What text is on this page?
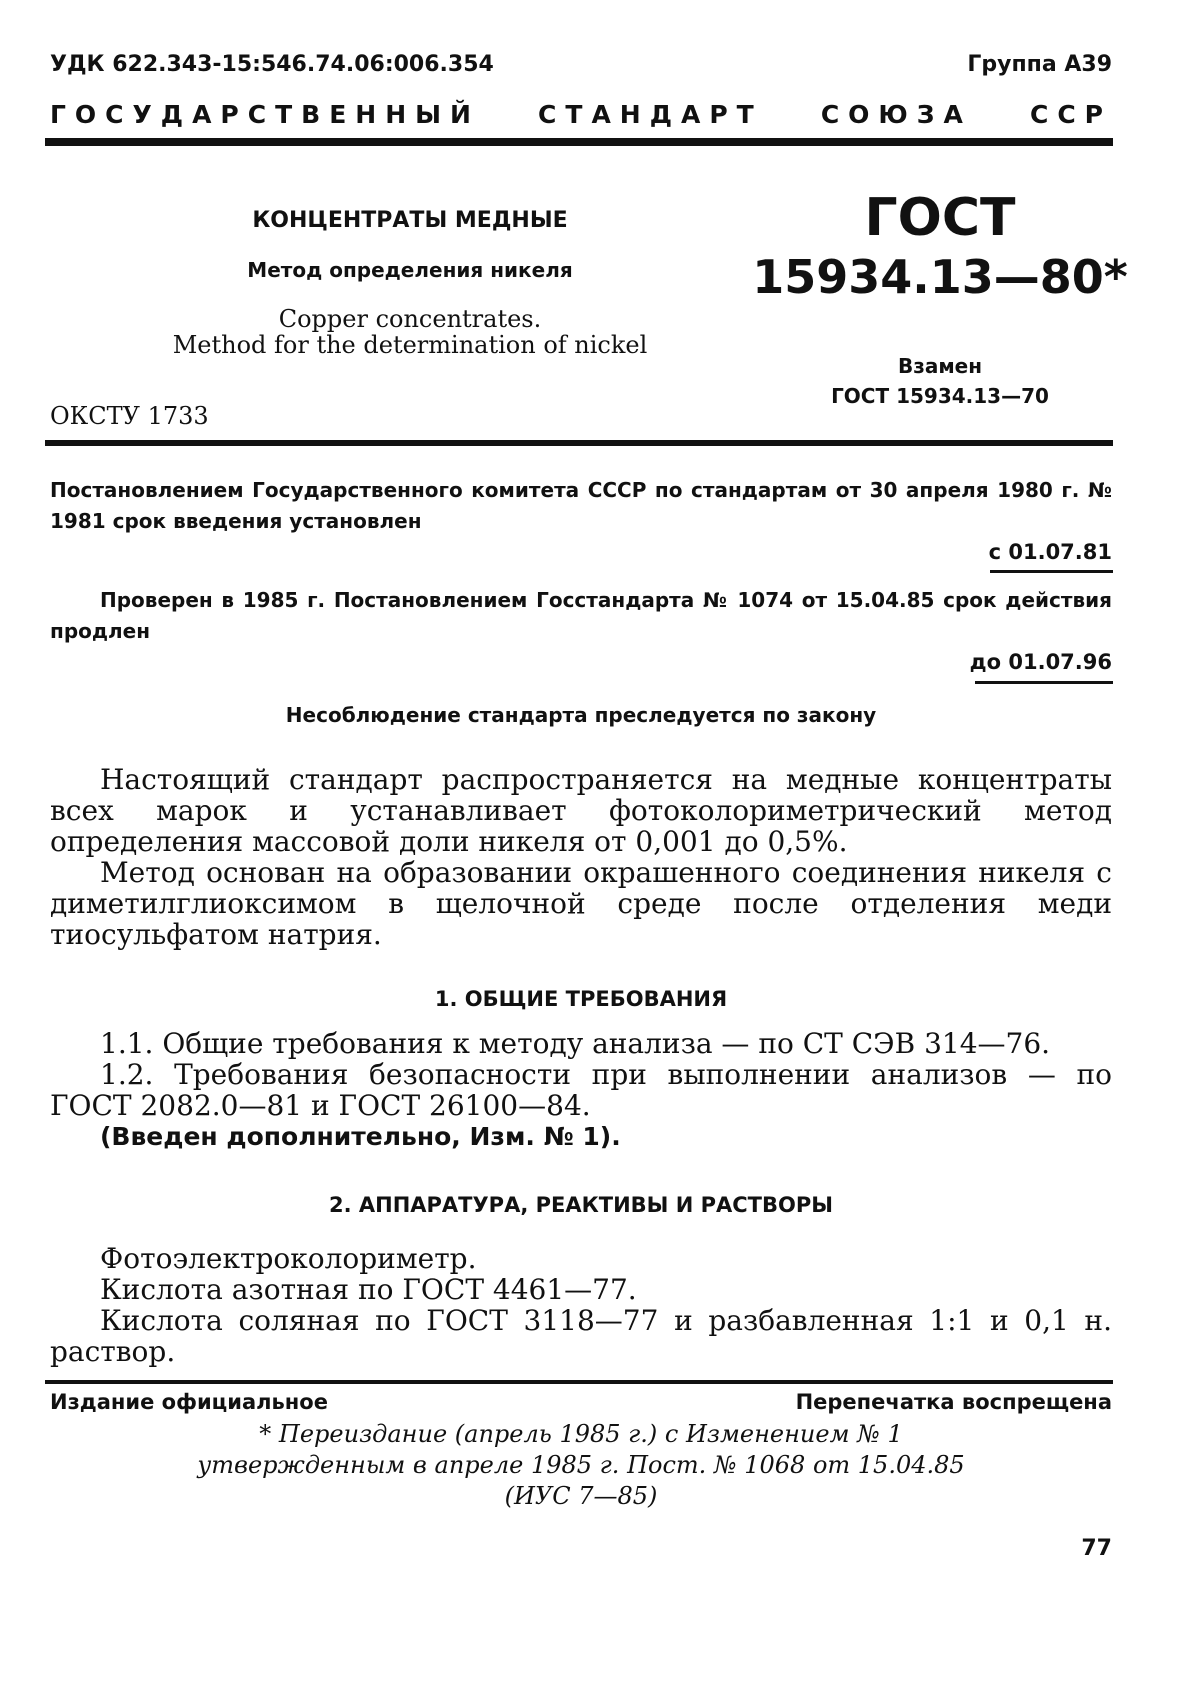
УДК 622.343-15:546.74.06:006.354	Группа А39
ГОСУДАРСТВЕННЫЙ СТАНДАРТ СОЮЗА ССР
КОНЦЕНТРАТЫ МЕДНЫЕ
Метод определения никеля
Copper concentrates.
Method for the determination of nickel
ГОСТ
15934.13—80*
Взамен
ГОСТ 15934.13—70
ОКСТУ 1733
Постановлением Государственного комитета СССР по стандартам от 30 апреля 1980 г. № 1981 срок введения установлен
с 01.07.81
Проверен в 1985 г. Постановлением Госстандарта № 1074 от 15.04.85 срок действия продлен
до 01.07.96
Несоблюдение стандарта преследуется по закону
Настоящий стандарт распространяется на медные концентраты всех марок и устанавливает фотоколориметрический метод определения массовой доли никеля от 0,001 до 0,5%.
Метод основан на образовании окрашенного соединения никеля с диметилглиоксимом в щелочной среде после отделения меди тиосульфатом натрия.
1. ОБЩИЕ ТРЕБОВАНИЯ
1.1. Общие требования к методу анализа — по СТ СЭВ 314—76.
1.2. Требования безопасности при выполнении анализов — по ГОСТ 2082.0—81 и ГОСТ 26100—84.
(Введен дополнительно, Изм. № 1).
2. АППАРАТУРА, РЕАКТИВЫ И РАСТВОРЫ
Фотоэлектроколориметр.
Кислота азотная по ГОСТ 4461—77.
Кислота соляная по ГОСТ 3118—77 и разбавленная 1:1 и 0,1 н. раствор.
Издание официальное	Перепечатка воспрещена
* Переиздание (апрель 1985 г.) с Изменением № 1
утвержденным в апреле 1985 г. Пост. № 1068 от 15.04.85
(ИУС 7—85)
77
